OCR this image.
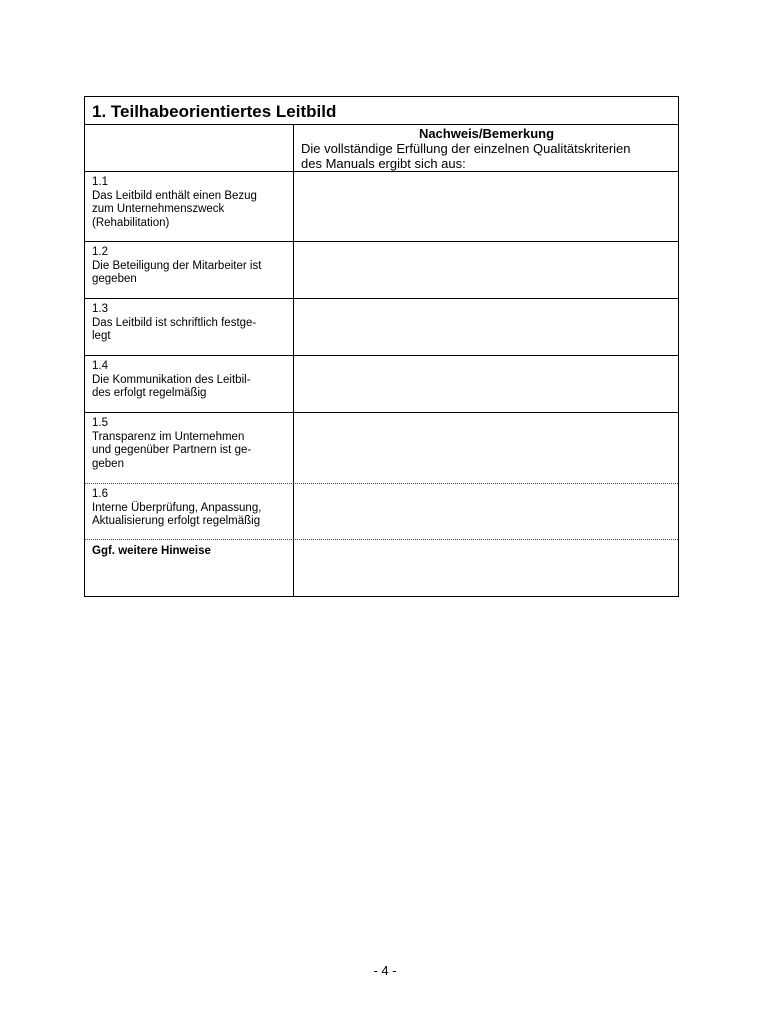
1. Teilhabeorientiertes Leitbild
Nachweis/Bemerkung
Die vollständige Erfüllung der einzelnen Qualitätskriterien
des Manuals ergibt sich aus:
1.1
Das Leitbild enthält einen Bezug
zum Unternehmenszweck
(Rehabilitation)
1.2
Die Beteiligung der Mitarbeiter ist
gegeben
1.3
Das Leitbild ist schriftlich festge-
legt
1.4
Die Kommunikation des Leitbil-
des erfolgt regelmäßig
1.5
Transparenz im Unternehmen
und gegenüber Partnern ist ge-
geben
1.6
Interne Überprüfung, Anpassung,
Aktualisierung erfolgt regelmäßig
Ggf. weitere Hinweise
- 4 -
